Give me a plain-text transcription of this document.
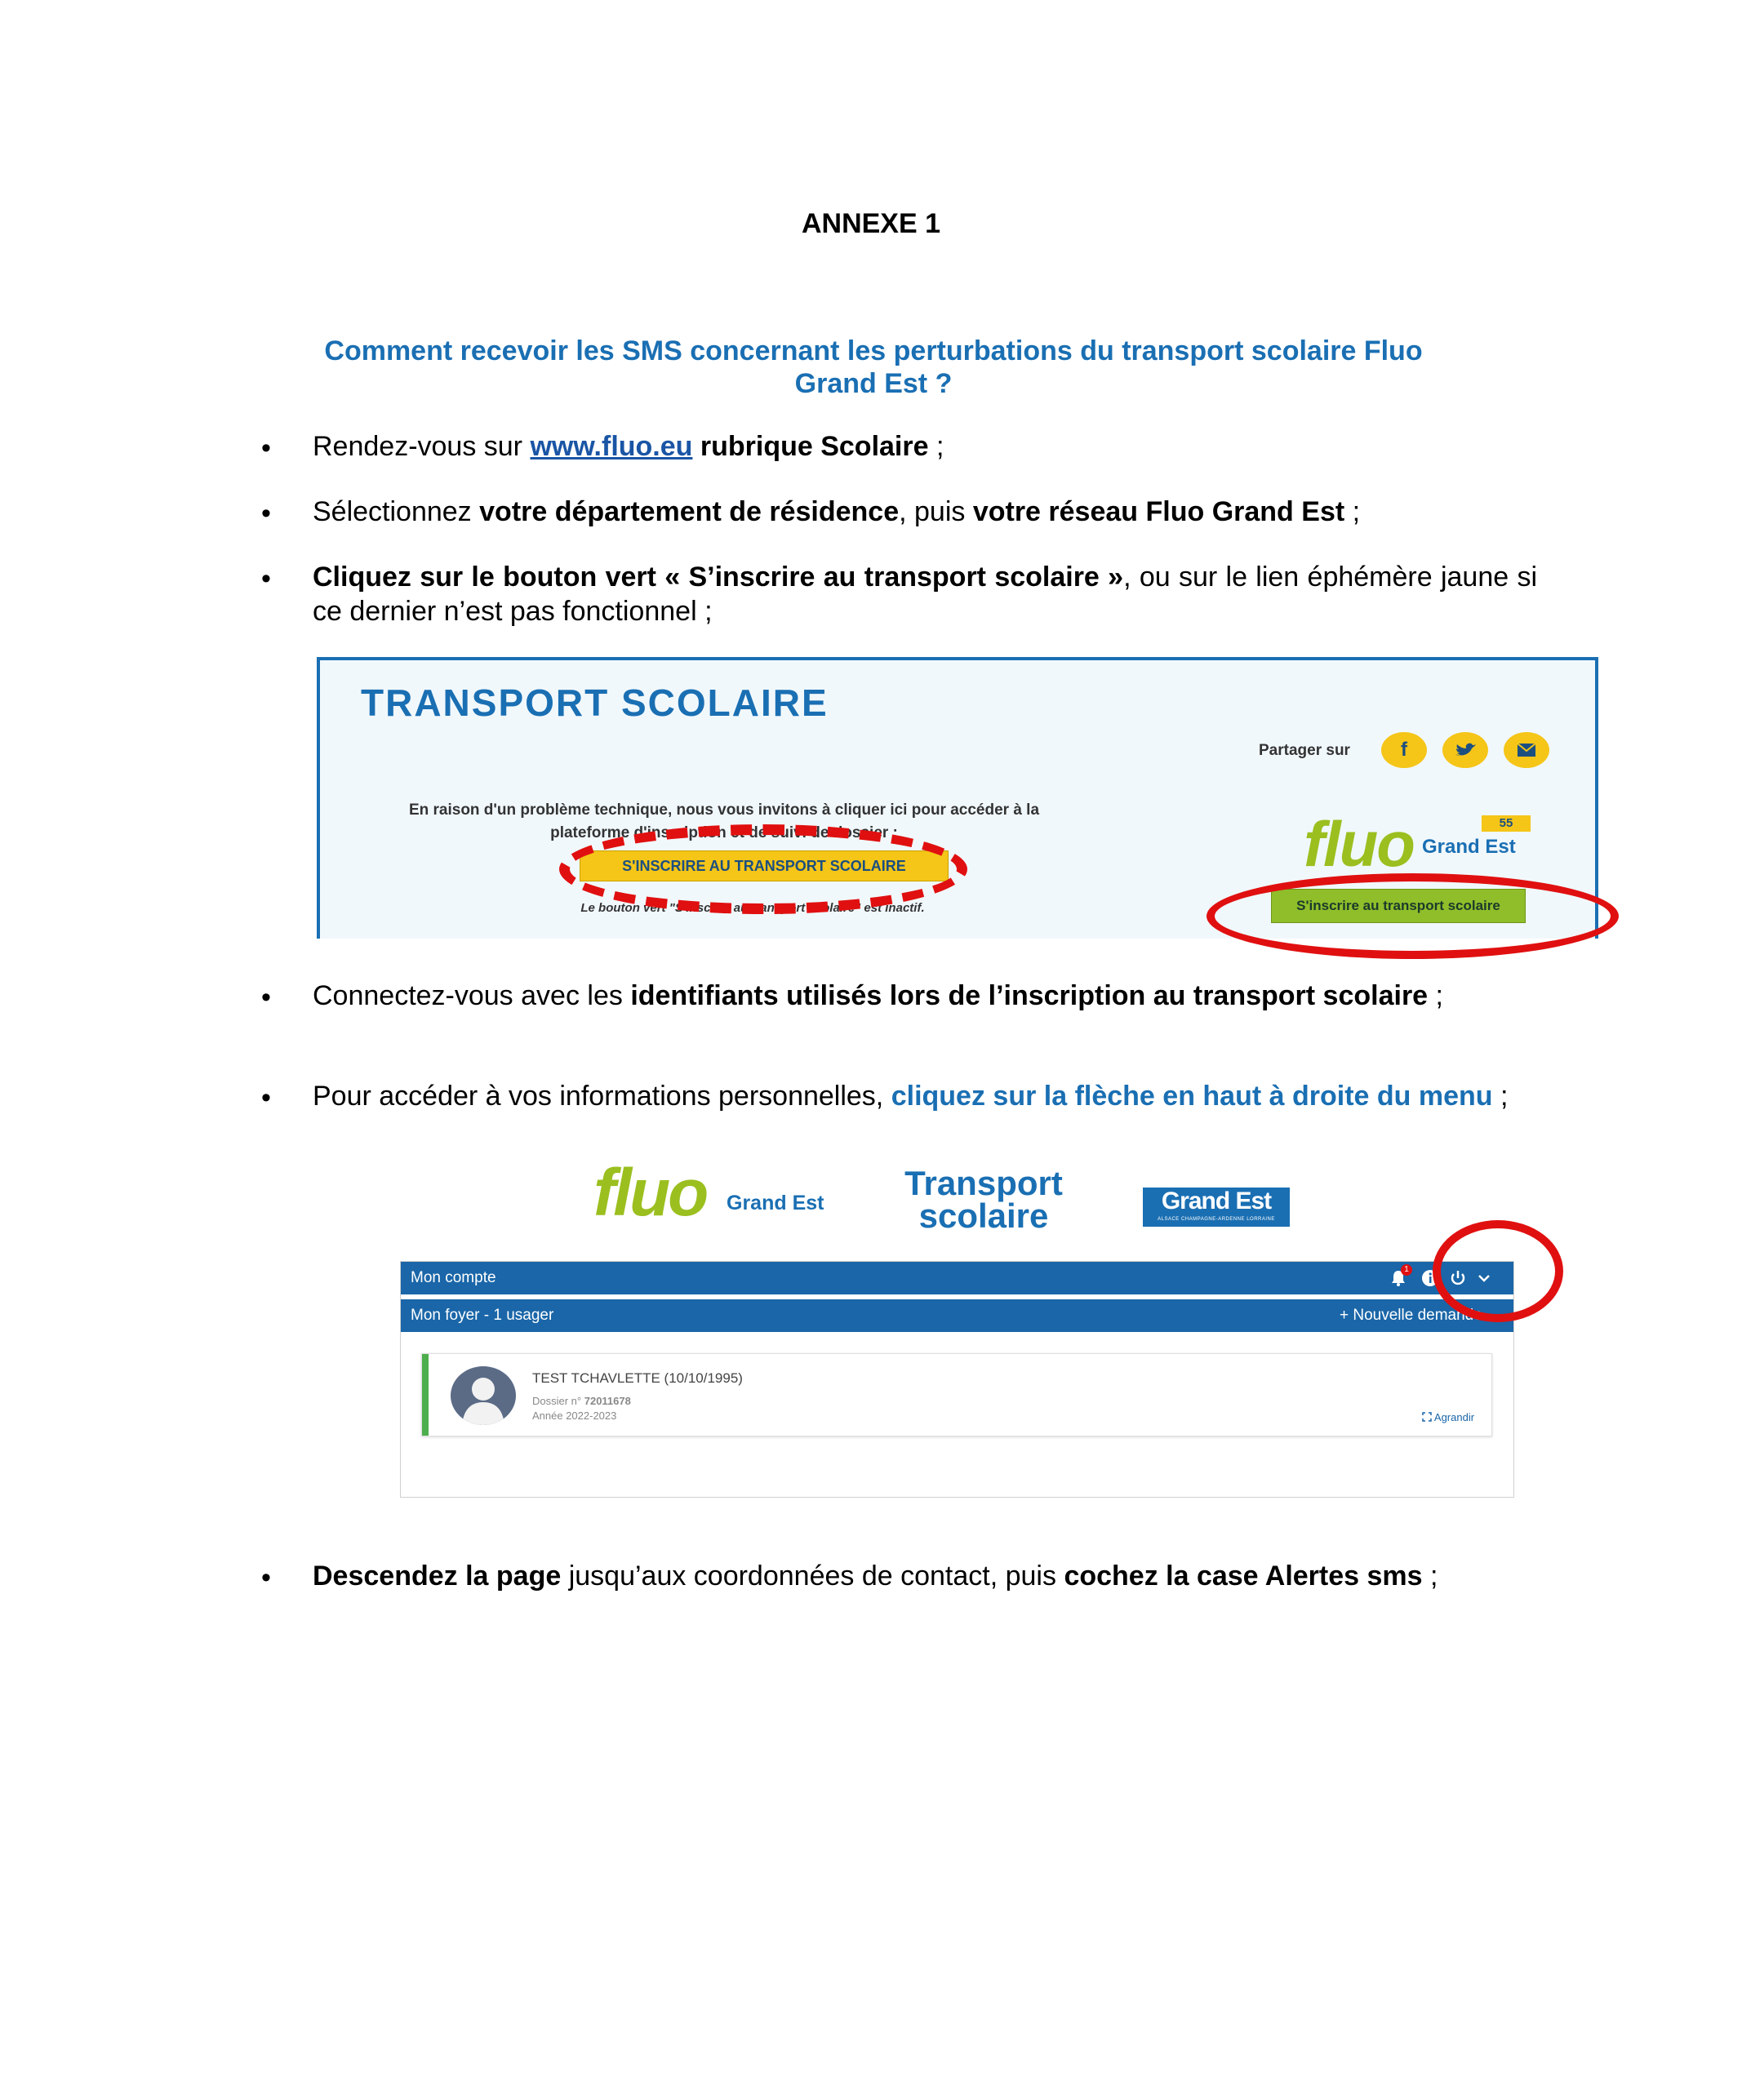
ANNEXE 1
Comment recevoir les SMS concernant les perturbations du transport scolaire Fluo
Grand Est ?
• Rendez-vous sur www.fluo.eu rubrique Scolaire ;
• Sélectionnez votre département de résidence, puis votre réseau Fluo Grand Est ;
• Cliquez sur le bouton vert « S’inscrire au transport scolaire », ou sur le lien éphémère jaune si ce dernier n’est pas fonctionnel ;
TRANSPORT SCOLAIRE
Partager sur	f
En raison d'un problème technique, nous vous invitons à cliquer ici pour accéder à la plateforme d'inscription et de suivi de dossier :
S'INSCRIRE AU TRANSPORT SCOLAIRE
Le bouton vert "S'inscrire au transport scolaire" est inactif.
fluo Grand Est
55
S'inscrire au transport scolaire
• Connectez-vous avec les identifiants utilisés lors de l’inscription au transport scolaire ;
• Pour accéder à vos informations personnelles, cliquez sur la flèche en haut à droite du menu ;
fluo Grand Est
Transport
scolaire	Grand Est
ALSACE CHAMPAGNE-ARDENNE LORRAINE
Mon compte	1
Mon foyer - 1 usager	+ Nouvelle demande
TEST TCHAVLETTE (10/10/1995)
Dossier n° 72011678
Année 2022-2023	Agrandir
• Descendez la page jusqu’aux coordonnées de contact, puis cochez la case Alertes sms ;
